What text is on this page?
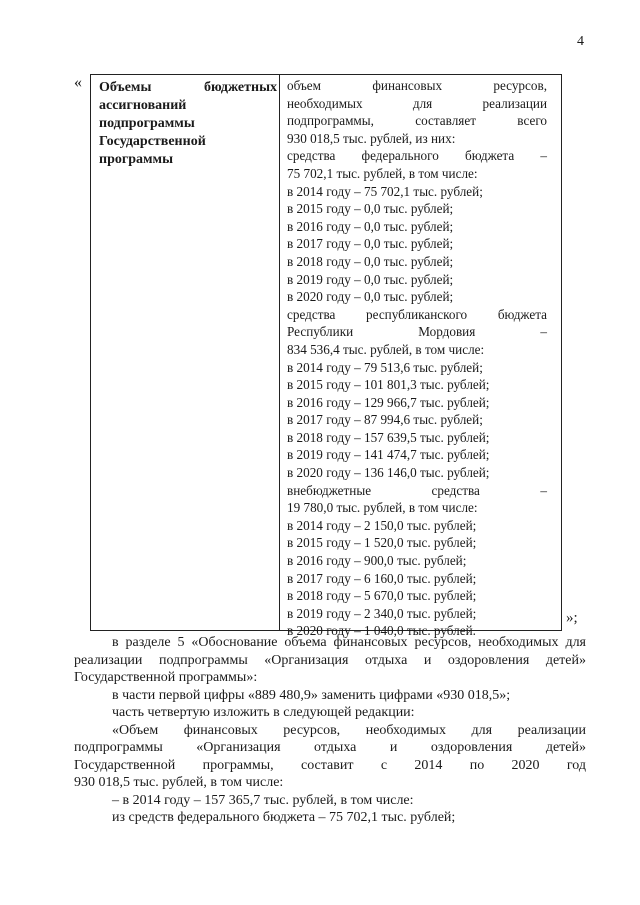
4
« Объемы бюджетных
ассигнований
подпрограммы
Государственной
программы
объем финансовых ресурсов,
необходимых для реализации
подпрограммы, составляет всего
930 018,5 тыс. рублей, из них:
средства федерального бюджета –
75 702,1 тыс. рублей, в том числе:
в 2014 году – 75 702,1 тыс. рублей;
в 2015 году – 0,0 тыс. рублей;
в 2016 году – 0,0 тыс. рублей;
в 2017 году – 0,0 тыс. рублей;
в 2018 году – 0,0 тыс. рублей;
в 2019 году – 0,0 тыс. рублей;
в 2020 году – 0,0 тыс. рублей;
средства республиканского бюджета
Республики Мордовия –
834 536,4 тыс. рублей, в том числе:
в 2014 году – 79 513,6 тыс. рублей;
в 2015 году – 101 801,3 тыс. рублей;
в 2016 году – 129 966,7 тыс. рублей;
в 2017 году – 87 994,6 тыс. рублей;
в 2018 году – 157 639,5 тыс. рублей;
в 2019 году – 141 474,7 тыс. рублей;
в 2020 году – 136 146,0 тыс. рублей;
внебюджетные средства –
19 780,0 тыс. рублей, в том числе:
в 2014 году – 2 150,0 тыс. рублей;
в 2015 году – 1 520,0 тыс. рублей;
в 2016 году – 900,0 тыс. рублей;
в 2017 году – 6 160,0 тыс. рублей;
в 2018 году – 5 670,0 тыс. рублей;
в 2019 году – 2 340,0 тыс. рублей;
в 2020 году – 1 040,0 тыс. рублей.
»;
в разделе 5 «Обоснование объема финансовых ресурсов, необходимых для реализации подпрограммы «Организация отдыха и оздоровления детей» Государственной программы»:
в части первой цифры «889 480,9» заменить цифрами «930 018,5»;
часть четвертую изложить в следующей редакции:
«Объем финансовых ресурсов, необходимых для реализации
подпрограммы «Организация отдыха и оздоровления детей»
Государственной программы, составит с 2014 по 2020 год
930 018,5 тыс. рублей, в том числе:
– в 2014 году – 157 365,7 тыс. рублей, в том числе:
из средств федерального бюджета – 75 702,1 тыс. рублей;
